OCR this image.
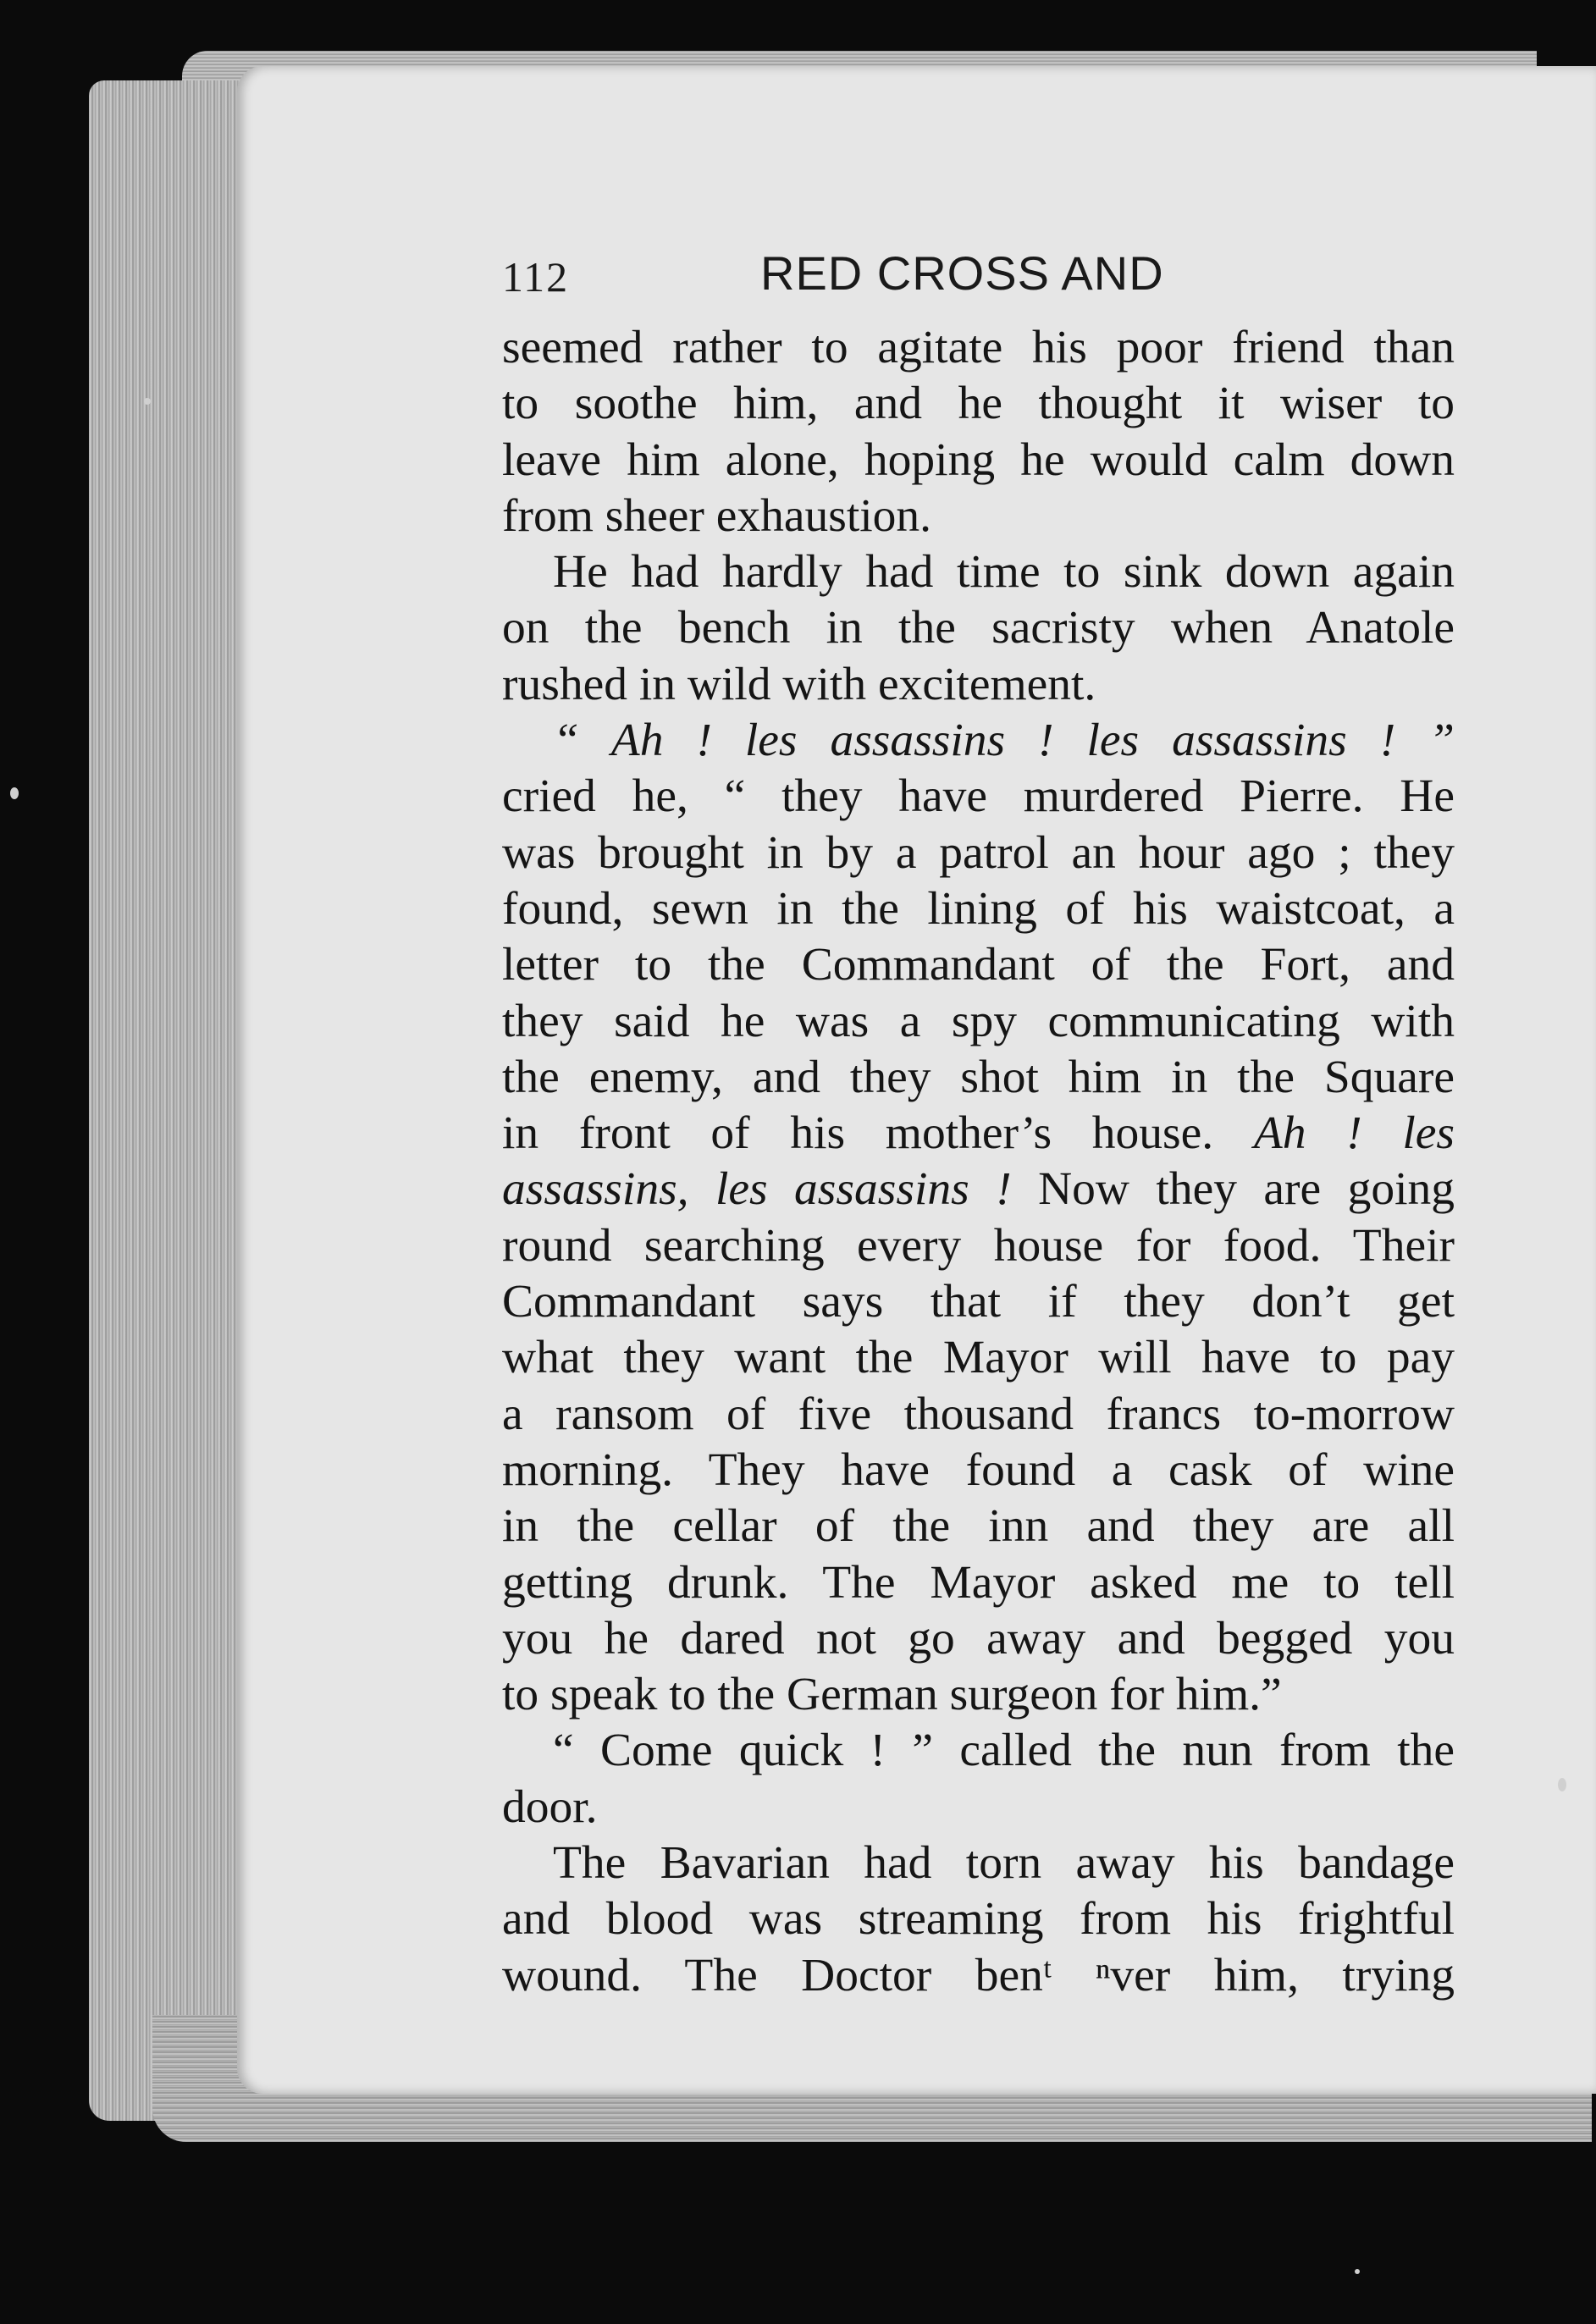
112	RED CROSS AND
seemed rather to agitate his poor friend than
to soothe him, and he thought it wiser to
leave him alone, hoping he would calm down
from sheer exhaustion.
He had hardly had time to sink down again
on the bench in the sacristy when Anatole
rushed in wild with excitement.
“ Ah ! les assassins ! les assassins ! ”
cried he, “ they have murdered Pierre. He
was brought in by a patrol an hour ago ; they
found, sewn in the lining of his waistcoat, a
letter to the Commandant of the Fort, and
they said he was a spy communicating with
the enemy, and they shot him in the Square
in front of his mother’s house. Ah ! les
assassins, les assassins ! Now they are going
round searching every house for food. Their
Commandant says that if they don’t get
what they want the Mayor will have to pay
a ransom of five thousand francs to-morrow
morning. They have found a cask of wine
in the cellar of the inn and they are all
getting drunk. The Mayor asked me to tell
you he dared not go away and begged you
to speak to the German surgeon for him.”
“ Come quick ! ” called the nun from the
door.
The Bavarian had torn away his bandage
and blood was streaming from his frightful
wound. The Doctor benᵗ ⁿver him, trying
